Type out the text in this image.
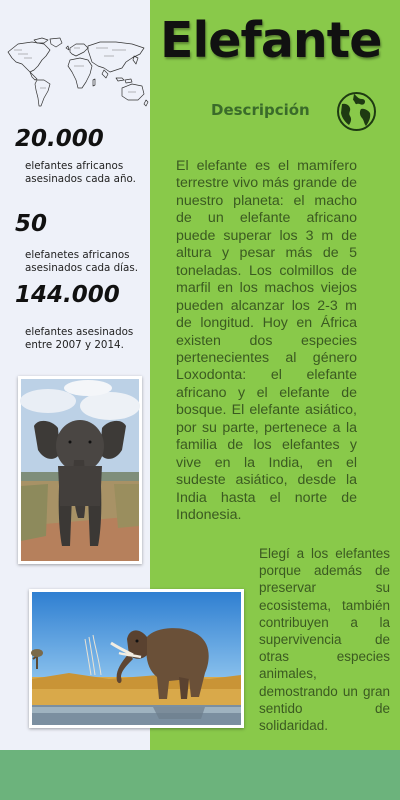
Elefante
Descripción
20.000
elefantes africanos asesinados cada año.
50
elefanetes africanos asesinados cada días.
144.000
elefantes asesinados entre 2007 y 2014.
El elefante es el mamífero terrestre vivo más grande de nuestro planeta: el macho de un elefante africano puede superar los 3 m de altura y pesar más de 5 toneladas. Los colmillos de marfil en los machos viejos pueden alcanzar los 2-3 m de longitud. Hoy en África existen dos especies pertenecientes al género Loxodonta: el elefante africano y el elefante de bosque. El elefante asiático, por su parte, pertenece a la familia de los elefantes y vive en la India, en el sudeste asiático, desde la India hasta el norte de Indonesia.
Elegí a los elefantes porque además de preservar su ecosistema, también contribuyen a la supervivencia de otras especies animales, demostrando un gran sentido de solidaridad.
